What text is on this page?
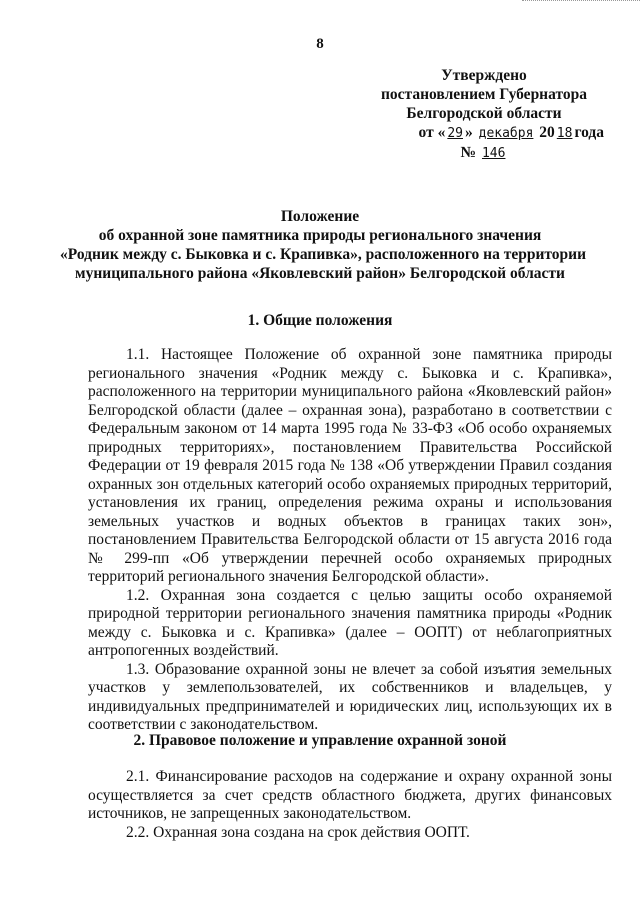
8
Утверждено
постановлением Губернатора
Белгородской области
от « 29 » декабря 20 18 года
№ 146
Положение
об охранной зоне памятника природы регионального значения
«Родник между с. Быковка и с. Крапивка», расположенного на территории
муниципального района «Яковлевский район» Белгородской области
1. Общие положения

1.1. Настоящее Положение об охранной зоне памятника природы регионального значения «Родник между с. Быковка и с. Крапивка», расположенного на территории муниципального района «Яковлевский район» Белгородской области (далее – охранная зона), разработано в соответствии с Федеральным законом от 14 марта 1995 года № 33-ФЗ «Об особо охраняемых природных территориях», постановлением Правительства Российской Федерации от 19 февраля 2015 года № 138 «Об утверждении Правил создания охранных зон отдельных категорий особо охраняемых природных территорий, установления их границ, определения режима охраны и использования земельных участков и водных объектов в границах таких зон», постановлением Правительства Белгородской области от 15 августа 2016 года № 299-пп «Об утверждении перечней особо охраняемых природных территорий регионального значения Белгородской области».

1.2. Охранная зона создается с целью защиты особо охраняемой природной территории регионального значения памятника природы «Родник между с. Быковка и с. Крапивка» (далее – ООПТ) от неблагоприятных антропогенных воздействий.

1.3. Образование охранной зоны не влечет за собой изъятия земельных участков у землепользователей, их собственников и владельцев, у индивидуальных предпринимателей и юридических лиц, использующих их в соответствии с законодательством.

2. Правовое положение и управление охранной зоной

2.1. Финансирование расходов на содержание и охрану охранной зоны осуществляется за счет средств областного бюджета, других финансовых источников, не запрещенных законодательством.

2.2. Охранная зона создана на срок действия ООПТ.
